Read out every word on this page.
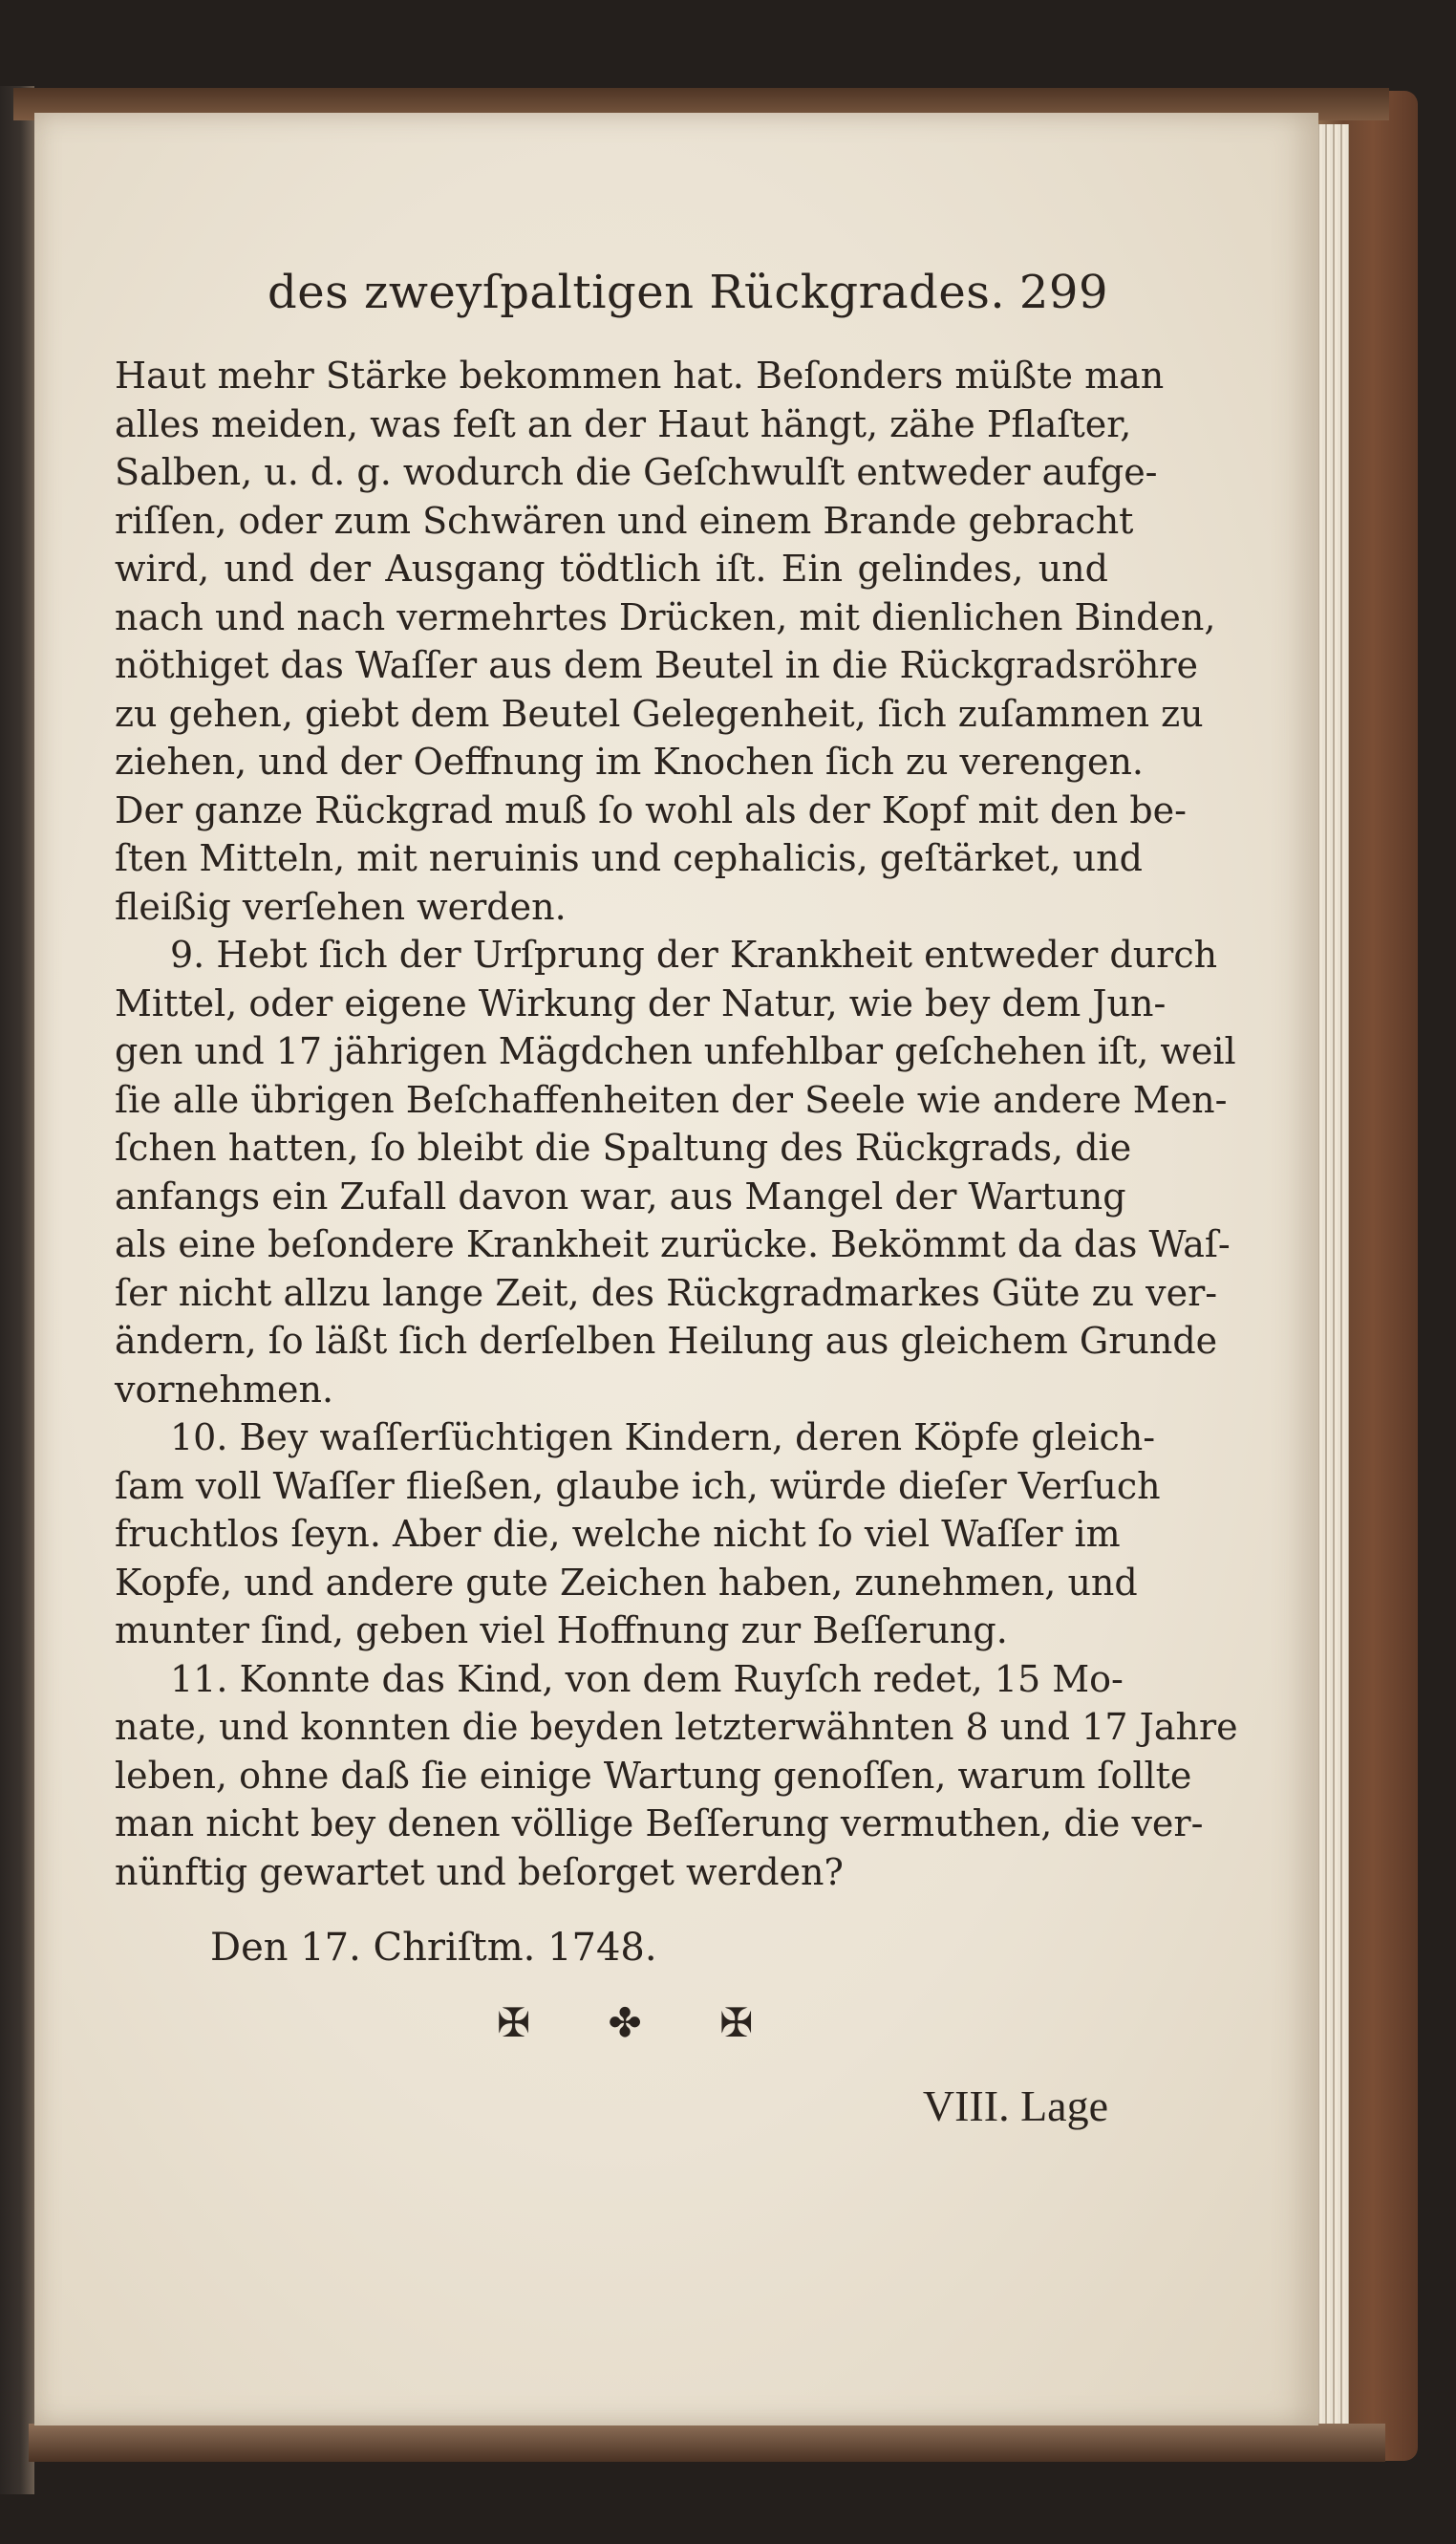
des zweyſpaltigen Rückgrades. 299
Haut mehr Stärke bekommen hat. Beſonders müßte man
alles meiden, was feſt an der Haut hängt, zähe Pflaſter,
Salben, u. d. g. wodurch die Geſchwulſt entweder aufge-
riſſen, oder zum Schwären und einem Brande gebracht
wird, und der Ausgang tödtlich iſt. Ein gelindes, und
nach und nach vermehrtes Drücken, mit dienlichen Binden,
nöthiget das Waſſer aus dem Beutel in die Rückgradsröhre
zu gehen, giebt dem Beutel Gelegenheit, ſich zuſammen zu
ziehen, und der Oeffnung im Knochen ſich zu verengen.
Der ganze Rückgrad muß ſo wohl als der Kopf mit den be-
ſten Mitteln, mit neruinis und cephalicis, geſtärket, und
fleißig verſehen werden.
9. Hebt ſich der Urſprung der Krankheit entweder durch
Mittel, oder eigene Wirkung der Natur, wie bey dem Jun-
gen und 17 jährigen Mägdchen unfehlbar geſchehen iſt, weil
ſie alle übrigen Beſchaffenheiten der Seele wie andere Men-
ſchen hatten, ſo bleibt die Spaltung des Rückgrads, die
anfangs ein Zufall davon war, aus Mangel der Wartung
als eine beſondere Krankheit zurücke. Bekömmt da das Waſ-
ſer nicht allzu lange Zeit, des Rückgradmarkes Güte zu ver-
ändern, ſo läßt ſich derſelben Heilung aus gleichem Grunde
vornehmen.
10. Bey waſſerſüchtigen Kindern, deren Köpfe gleich-
ſam voll Waſſer fließen, glaube ich, würde dieſer Verſuch
fruchtlos ſeyn. Aber die, welche nicht ſo viel Waſſer im
Kopfe, und andere gute Zeichen haben, zunehmen, und
munter ſind, geben viel Hoffnung zur Beſſerung.
11. Konnte das Kind, von dem Ruyſch redet, 15 Mo-
nate, und konnten die beyden letzterwähnten 8 und 17 Jahre
leben, ohne daß ſie einige Wartung genoſſen, warum ſollte
man nicht bey denen völlige Beſſerung vermuthen, die ver-
nünftig gewartet und beſorget werden?
Den 17. Chriſtm. 1748.
✠ ✤ ✠
VIII. Lage
